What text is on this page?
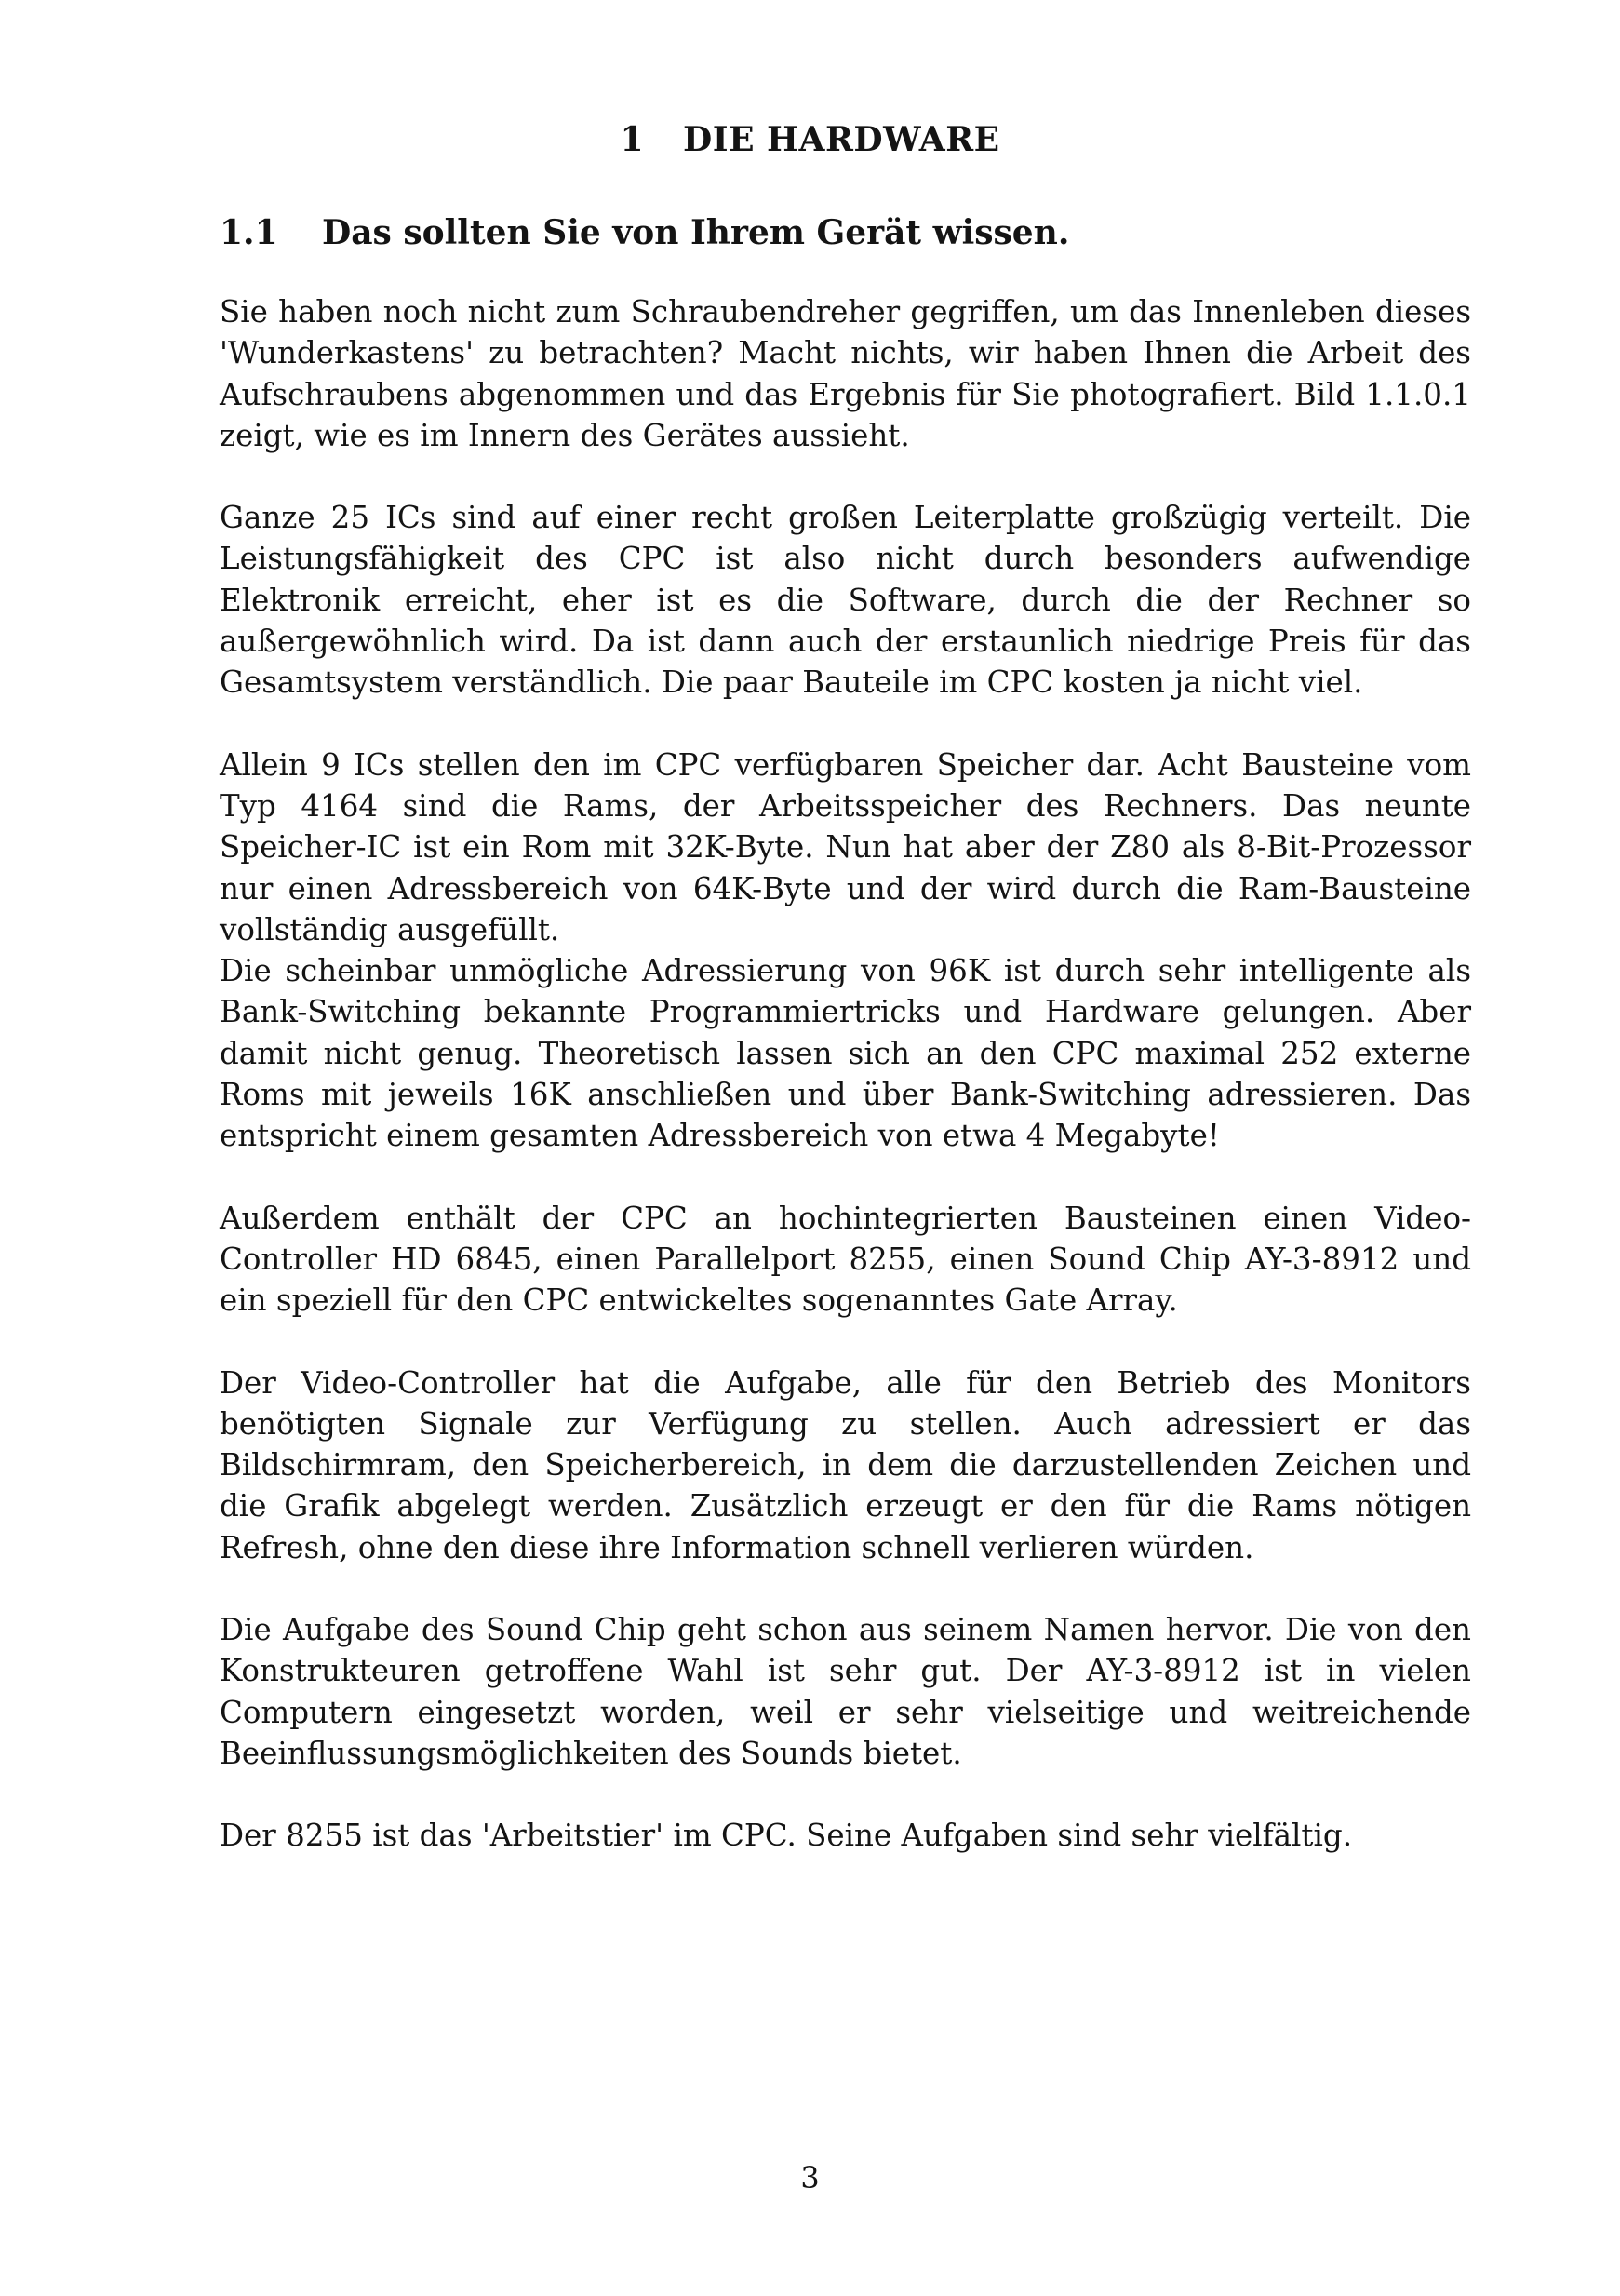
1 DIE HARDWARE
1.1 Das sollten Sie von Ihrem Gerät wissen.

Sie haben noch nicht zum Schraubendreher gegriffen, um das Innenleben dieses 'Wunderkastens' zu betrachten? Macht nichts, wir haben Ihnen die Arbeit des Aufschraubens abgenommen und das Ergebnis für Sie photografiert. Bild 1.1.0.1 zeigt, wie es im Innern des Gerätes aussieht.

Ganze 25 ICs sind auf einer recht großen Leiterplatte großzügig verteilt. Die Leistungsfähigkeit des CPC ist also nicht durch besonders aufwendige Elektronik erreicht, eher ist es die Software, durch die der Rechner so außergewöhnlich wird. Da ist dann auch der erstaunlich niedrige Preis für das Gesamtsystem verständlich. Die paar Bauteile im CPC kosten ja nicht viel.

Allein 9 ICs stellen den im CPC verfügbaren Speicher dar. Acht Bausteine vom Typ 4164 sind die Rams, der Arbeitsspeicher des Rechners. Das neunte Speicher-IC ist ein Rom mit 32K-Byte. Nun hat aber der Z80 als 8-Bit-Prozessor nur einen Adressbereich von 64K-Byte und der wird durch die Ram-Bausteine vollständig ausgefüllt.

Die scheinbar unmögliche Adressierung von 96K ist durch sehr intelligente als Bank-Switching bekannte Programmiertricks und Hardware gelungen. Aber damit nicht genug. Theoretisch lassen sich an den CPC maximal 252 externe Roms mit jeweils 16K anschließen und über Bank-Switching adressieren. Das entspricht einem gesamten Adressbereich von etwa 4 Megabyte!

Außerdem enthält der CPC an hochintegrierten Bausteinen einen Video-Controller HD 6845, einen Parallelport 8255, einen Sound Chip AY-3-8912 und ein speziell für den CPC entwickeltes sogenanntes Gate Array.

Der Video-Controller hat die Aufgabe, alle für den Betrieb des Monitors benötigten Signale zur Verfügung zu stellen. Auch adressiert er das Bildschirmram, den Speicherbereich, in dem die darzustellenden Zeichen und die Grafik abgelegt werden. Zusätzlich erzeugt er den für die Rams nötigen Refresh, ohne den diese ihre Information schnell verlieren würden.

Die Aufgabe des Sound Chip geht schon aus seinem Namen hervor. Die von den Konstrukteuren getroffene Wahl ist sehr gut. Der AY-3-8912 ist in vielen Computern eingesetzt worden, weil er sehr vielseitige und weitreichende Beeinflussungsmöglichkeiten des Sounds bietet.

Der 8255 ist das 'Arbeitstier' im CPC. Seine Aufgaben sind sehr vielfältig.

3
